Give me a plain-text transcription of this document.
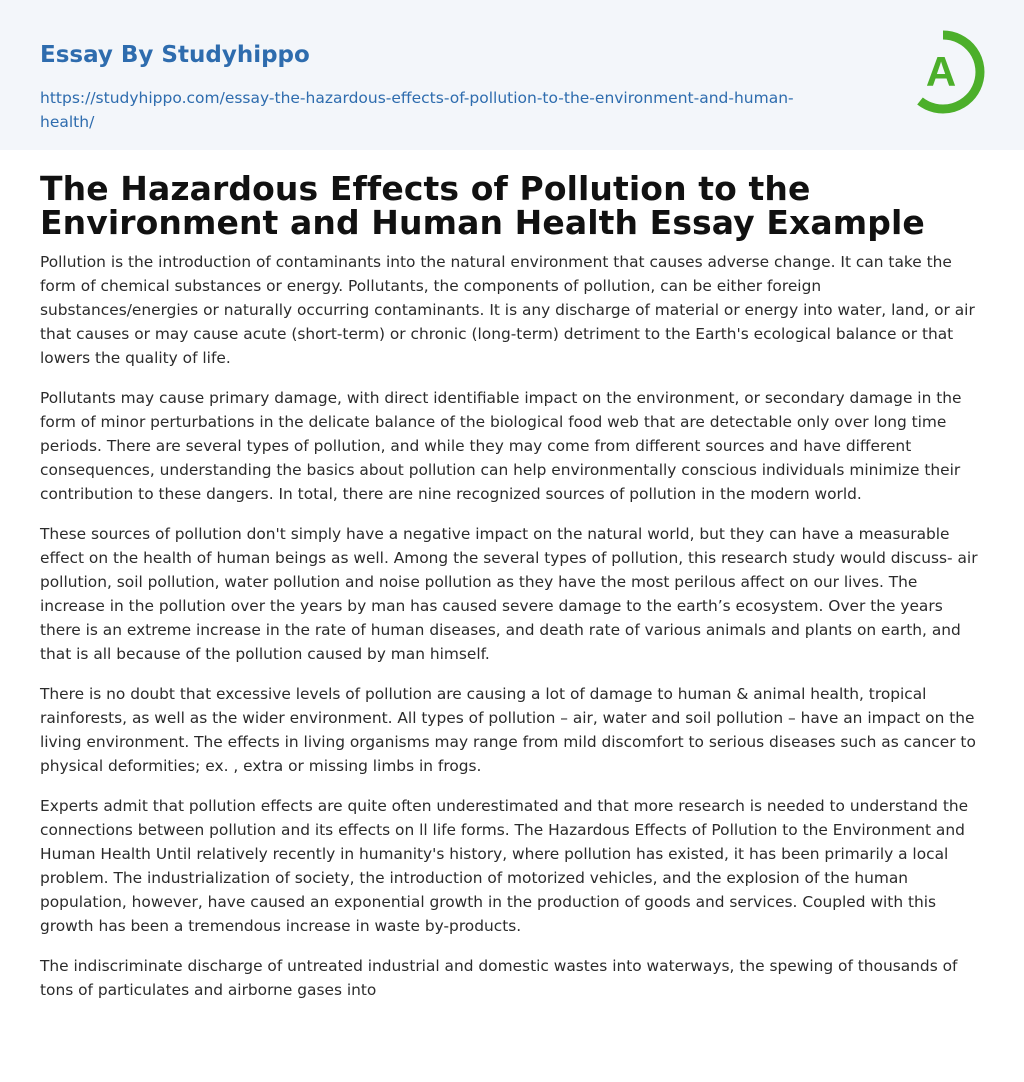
Essay By Studyhippo
https://studyhippo.com/essay-the-hazardous-effects-of-pollution-to-the-environment-and-human-health/
A
The Hazardous Effects of Pollution to the Environment and Human Health Essay Example

Pollution is the introduction of contaminants into the natural environment that causes adverse change. It can take the form of chemical substances or energy. Pollutants, the components of pollution, can be either foreign substances/energies or naturally occurring contaminants. It is any discharge of material or energy into water, land, or air that causes or may cause acute (short-term) or chronic (long-term) detriment to the Earth's ecological balance or that lowers the quality of life.

Pollutants may cause primary damage, with direct identifiable impact on the environment, or secondary damage in the form of minor perturbations in the delicate balance of the biological food web that are detectable only over long time periods. There are several types of pollution, and while they may come from different sources and have different consequences, understanding the basics about pollution can help environmentally conscious individuals minimize their contribution to these dangers. In total, there are nine recognized sources of pollution in the modern world.

These sources of pollution don't simply have a negative impact on the natural world, but they can have a measurable effect on the health of human beings as well. Among the several types of pollution, this research study would discuss- air pollution, soil pollution, water pollution and noise pollution as they have the most perilous affect on our lives. The increase in the pollution over the years by man has caused severe damage to the earth’s ecosystem. Over the years there is an extreme increase in the rate of human diseases, and death rate of various animals and plants on earth, and that is all because of the pollution caused by man himself.

There is no doubt that excessive levels of pollution are causing a lot of damage to human & animal health, tropical rainforests, as well as the wider environment. All types of pollution – air, water and soil pollution – have an impact on the living environment. The effects in living organisms may range from mild discomfort to serious diseases such as cancer to physical deformities; ex. , extra or missing limbs in frogs.

Experts admit that pollution effects are quite often underestimated and that more research is needed to understand the connections between pollution and its effects on ll life forms. The Hazardous Effects of Pollution to the Environment and Human Health Until relatively recently in humanity's history, where pollution has existed, it has been primarily a local problem. The industrialization of society, the introduction of motorized vehicles, and the explosion of the human population, however, have caused an exponential growth in the production of goods and services. Coupled with this growth has been a tremendous increase in waste by-products.

The indiscriminate discharge of untreated industrial and domestic wastes into waterways, the spewing of thousands of tons of particulates and airborne gases into
